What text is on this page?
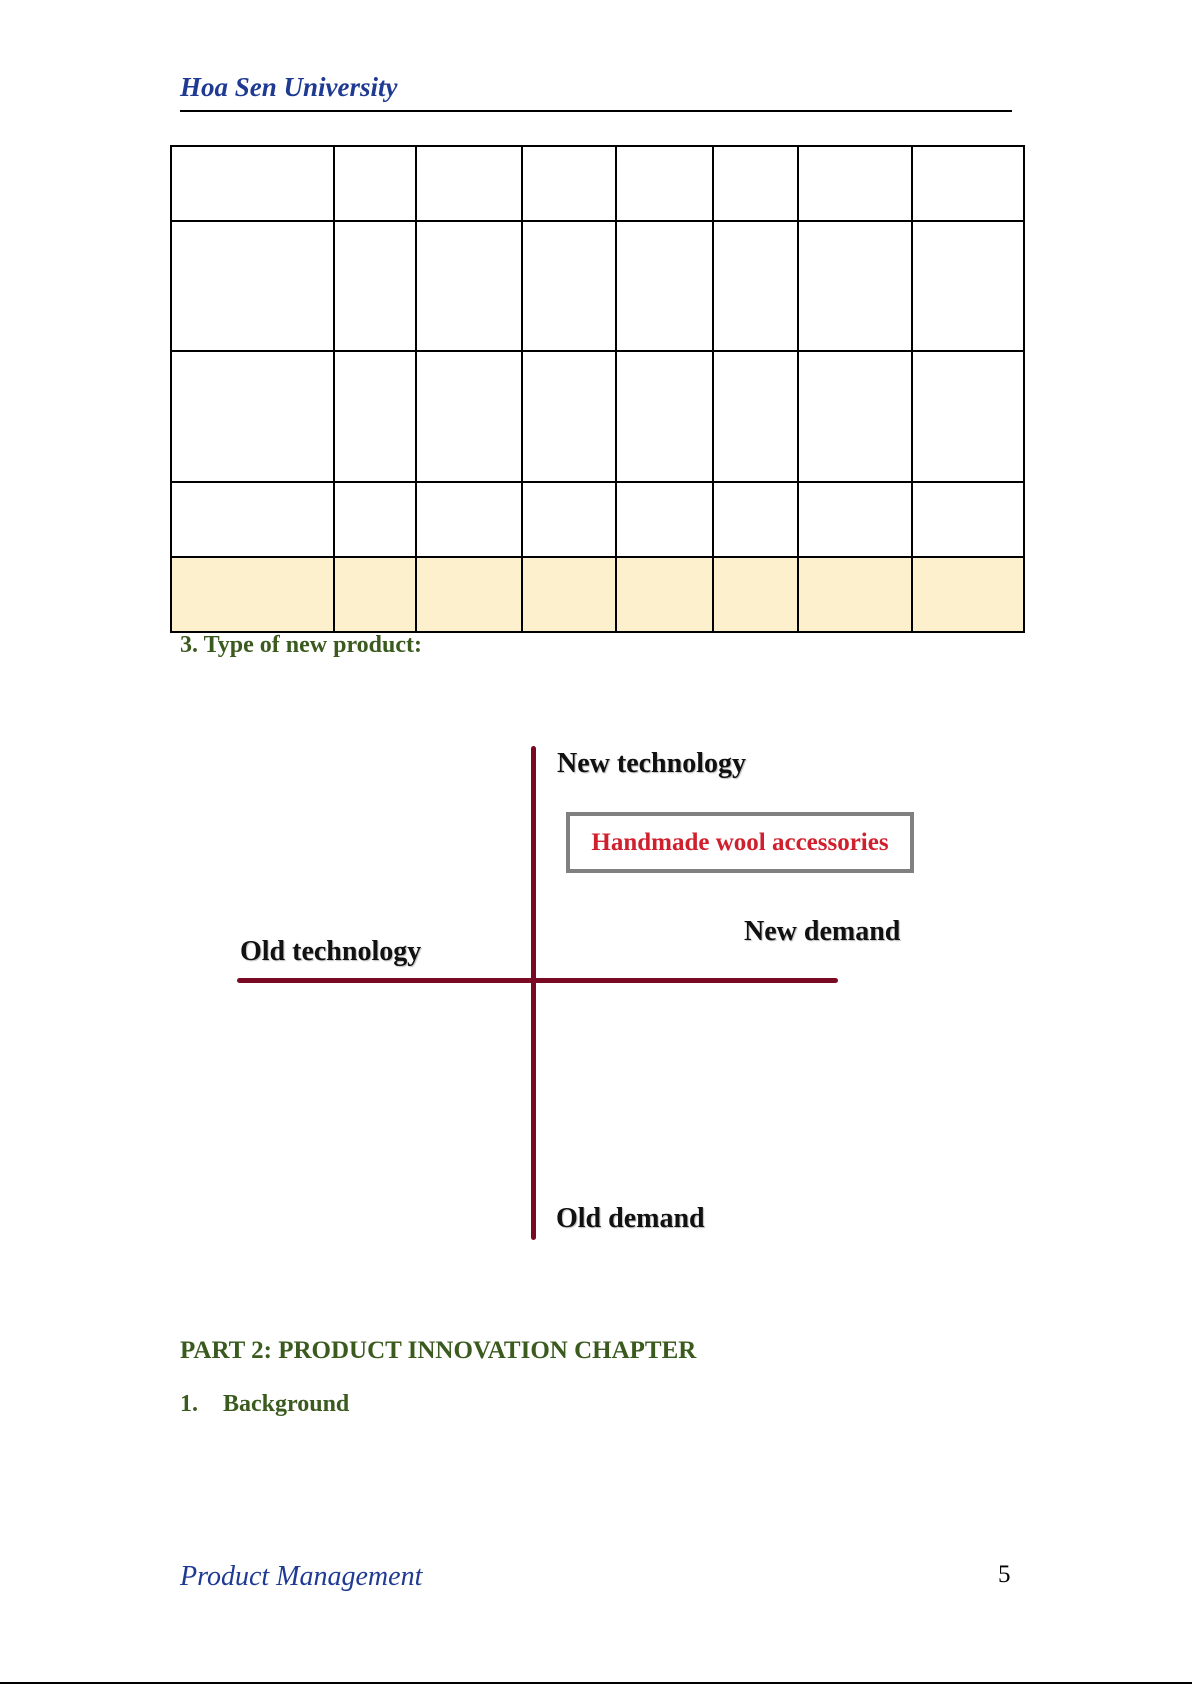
Hoa Sen University

3. Type of new product:
New technology
Handmade wool accessories
New demand
Old technology
Old demand
PART 2: PRODUCT INNOVATION CHAPTER
1. Background
Product Management	5
